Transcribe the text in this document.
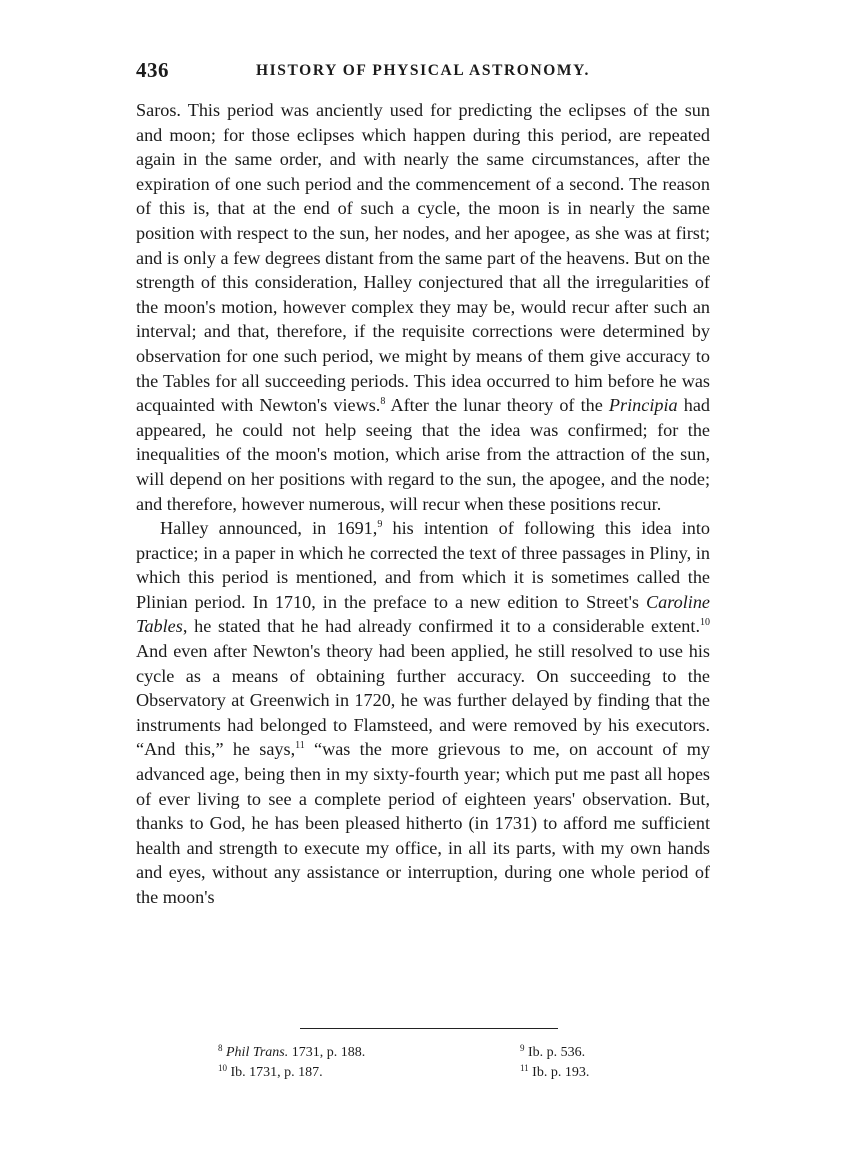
436	HISTORY OF PHYSICAL ASTRONOMY.

Saros. This period was anciently used for predicting the eclipses of the sun and moon; for those eclipses which happen during this period, are repeated again in the same order, and with nearly the same circumstances, after the expiration of one such period and the commencement of a second. The reason of this is, that at the end of such a cycle, the moon is in nearly the same position with respect to the sun, her nodes, and her apogee, as she was at first; and is only a few degrees distant from the same part of the heavens. But on the strength of this consideration, Halley conjectured that all the irregularities of the moon's motion, however complex they may be, would recur after such an interval; and that, therefore, if the requisite corrections were determined by observation for one such period, we might by means of them give accuracy to the Tables for all succeeding periods. This idea occurred to him before he was acquainted with Newton's views.$^8$ After the lunar theory of the Principia had appeared, he could not help seeing that the idea was confirmed; for the inequalities of the moon's motion, which arise from the attraction of the sun, will depend on her positions with regard to the sun, the apogee, and the node; and therefore, however numerous, will recur when these positions recur.

Halley announced, in 1691,$^9$ his intention of following this idea into practice; in a paper in which he corrected the text of three passages in Pliny, in which this period is mentioned, and from which it is sometimes called the Plinian period. In 1710, in the preface to a new edition to Street's Caroline Tables, he stated that he had already confirmed it to a considerable extent.$^{10}$ And even after Newton's theory had been applied, he still resolved to use his cycle as a means of obtaining further accuracy. On succeeding to the Observatory at Greenwich in 1720, he was further delayed by finding that the instruments had belonged to Flamsteed, and were removed by his executors. “And this,” he says,$^{11}$ “was the more grievous to me, on account of my advanced age, being then in my sixty-fourth year; which put me past all hopes of ever living to see a complete period of eighteen years' observation. But, thanks to God, he has been pleased hitherto (in 1731) to afford me sufficient health and strength to execute my office, in all its parts, with my own hands and eyes, without any assistance or interruption, during one whole period of the moon's

$^8$ Phil Trans. 1731, p. 188.	$^9$ Ib. p. 536.
$^{10}$ Ib. 1731, p. 187.	$^{11}$ Ib. p. 193.
